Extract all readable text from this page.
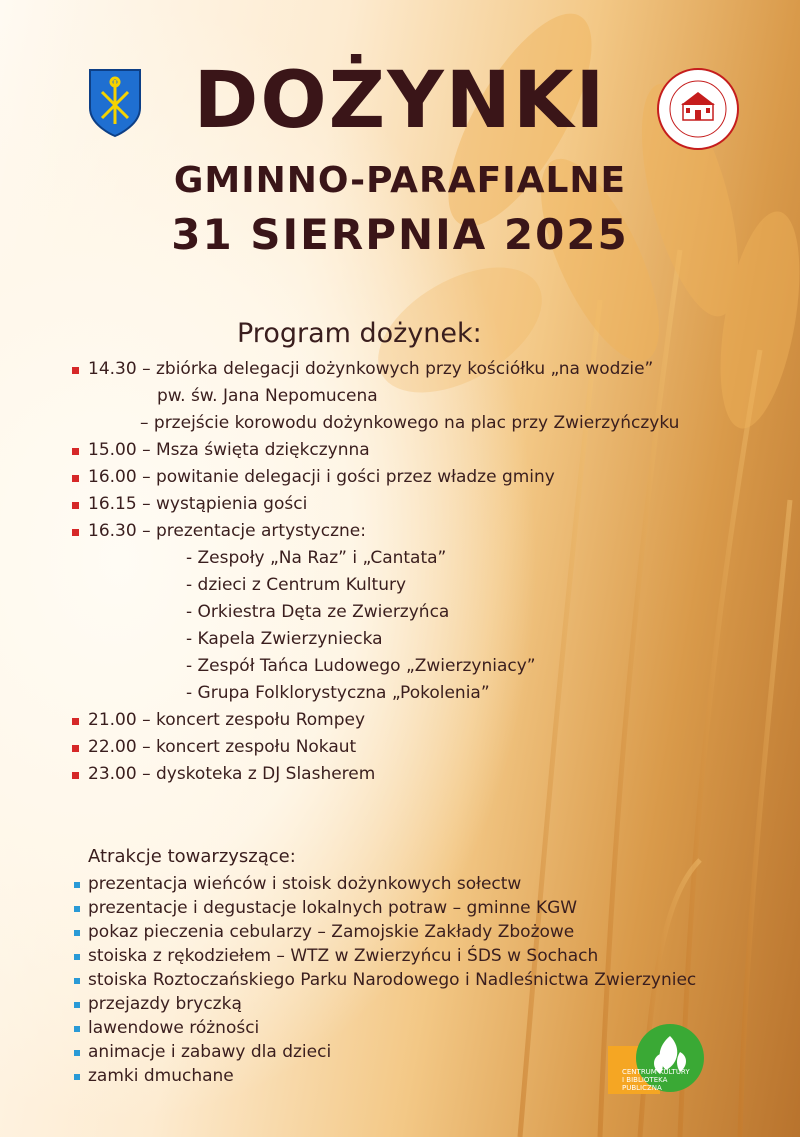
DOŻYNKI
GMINNO-PARAFIALNE
31 SIERPNIA 2025
Program dożynek:
14.30 – zbiórka delegacji dożynkowych przy kościółku „na wodzie”
pw. św. Jana Nepomucena
– przejście korowodu dożynkowego na plac przy Zwierzyńczyku
15.00 – Msza święta dziękczynna
16.00 – powitanie delegacji i gości przez władze gminy
16.15 – wystąpienia gości
16.30 – prezentacje artystyczne:
- Zespoły „Na Raz” i „Cantata”
- dzieci z Centrum Kultury
- Orkiestra Dęta ze Zwierzyńca
- Kapela Zwierzyniecka
- Zespół Tańca Ludowego „Zwierzyniacy”
- Grupa Folklorystyczna „Pokolenia”
21.00 – koncert zespołu Rompey
22.00 – koncert zespołu Nokaut
23.00 – dyskoteka z DJ Slasherem
Atrakcje towarzyszące:
prezentacja wieńców i stoisk dożynkowych sołectw
prezentacje i degustacje lokalnych potraw – gminne KGW
pokaz pieczenia cebularzy – Zamojskie Zakłady Zbożowe
stoiska z rękodziełem – WTZ w Zwierzyńcu i ŚDS w Sochach
stoiska Roztoczańskiego Parku Narodowego i Nadleśnictwa Zwierzyniec
przejazdy bryczką
lawendowe różności
animacje i zabawy dla dzieci
zamki dmuchane	CENTRUM KULTURY
I BIBLIOTEKA PUBLICZNA
